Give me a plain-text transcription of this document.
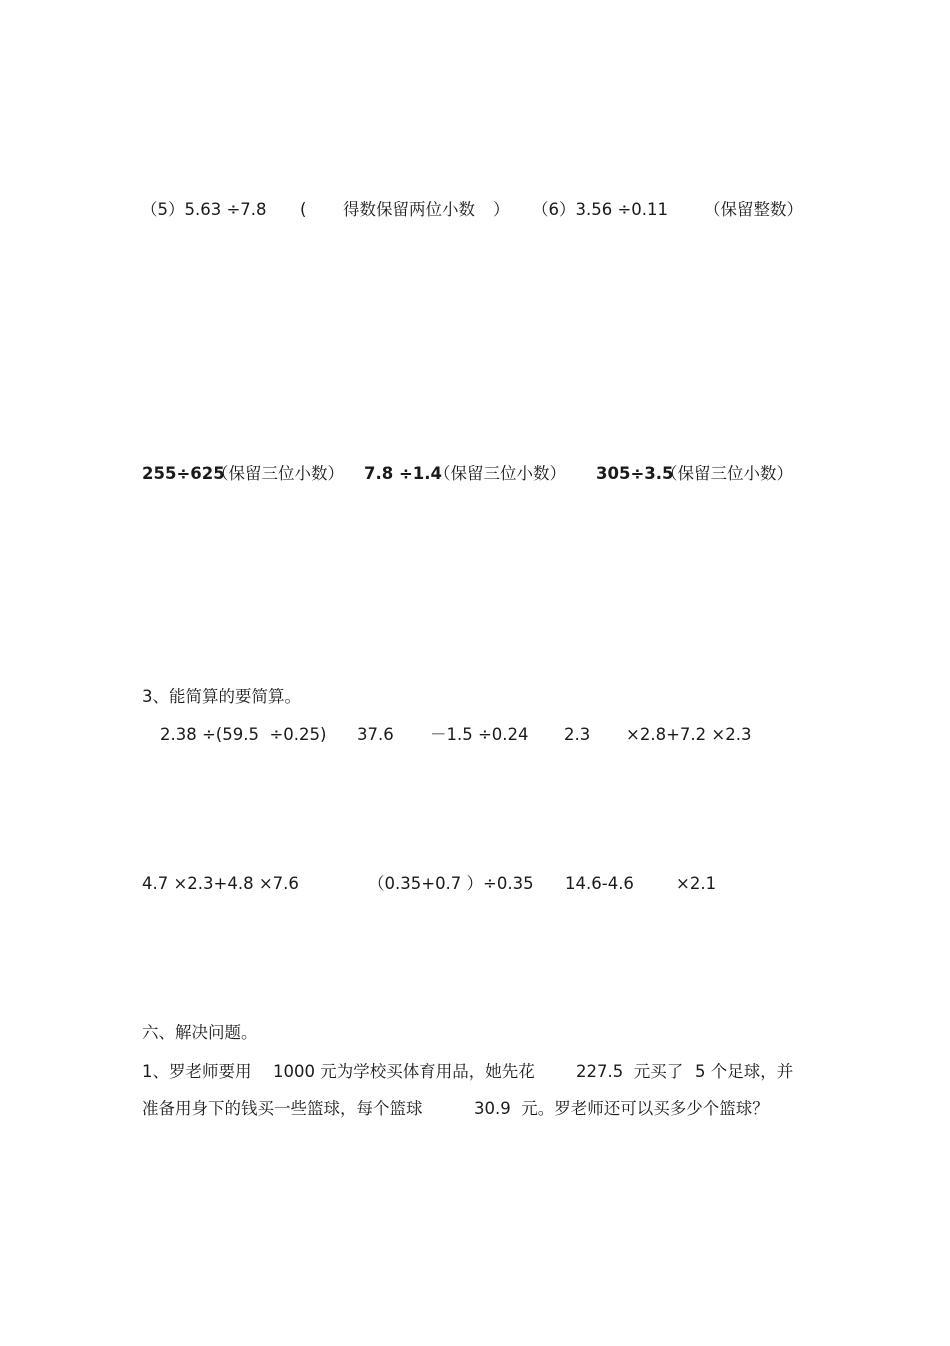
（5）5.63 ÷7.8 ( 得数保留两位小数 ） （6）3.56 ÷0.11 （保留整数）
255÷625
（保留三位小数） 7.8 ÷1.4
（保留三位小数） 305÷3.5
（保留三位小数）
3、能简算的要简算。
2.38 ÷(59.5  ÷0.25) 37.6 －1.5 ÷0.24 2.3 ×2.8+7.2 ×2.3
4.7 ×2.3+4.8 ×7.6	（0.35+0.7 ）÷0.35 14.6-4.6	×2.1
六、解决问题。
1、罗老师要用 1000 元为学校买体育用品，她先花	227.5  元买了 5 个足球，并
准备用身下的钱买一些篮球，每个篮球	30.9  元。罗老师还可以买多少个篮球？
